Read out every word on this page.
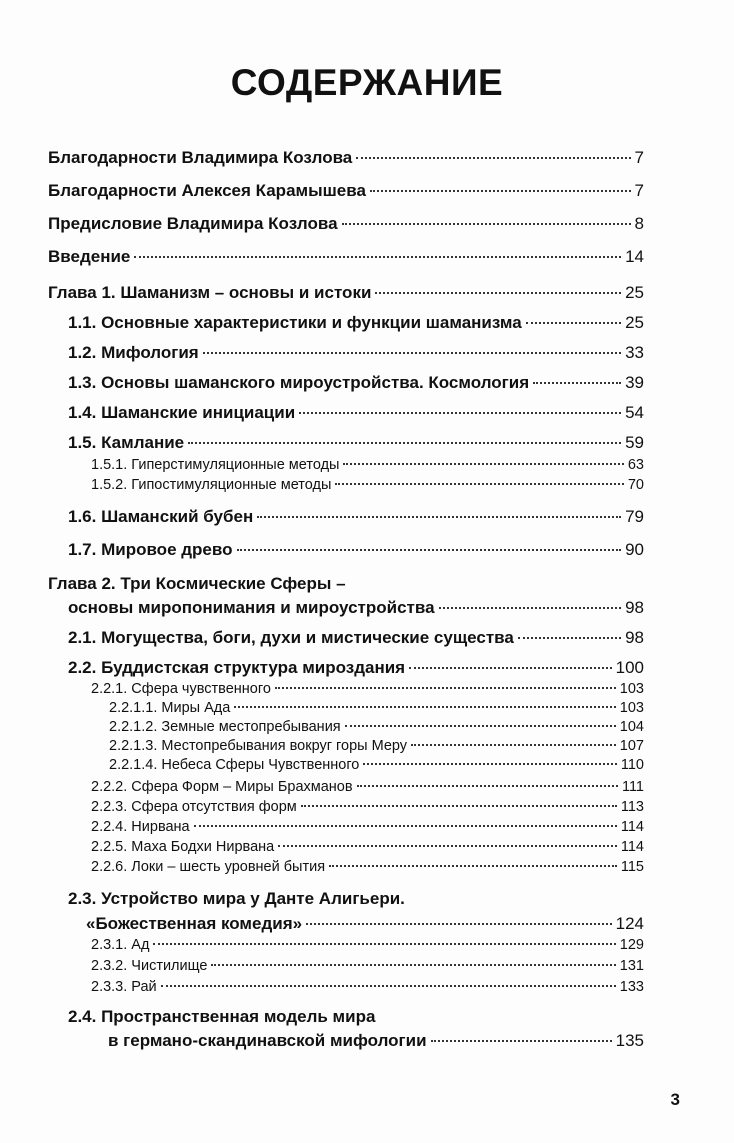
СОДЕРЖАНИЕ
Благодарности Владимира Козлова	7
Благодарности Алексея Карамышева	7
Предисловие Владимира Козлова	8
Введение	14
Глава 1. Шаманизм – основы и истоки	25
1.1. Основные характеристики и функции шаманизма	25
1.2. Мифология	33
1.3. Основы шаманского мироустройства. Космология	39
1.4. Шаманские инициации	54
1.5. Камлание	59
1.5.1. Гиперстимуляционные методы	63
1.5.2. Гипостимуляционные методы	70
1.6. Шаманский бубен	79
1.7. Мировое древо	90
Глава 2. Три Космические Сферы –
основы миропонимания и мироустройства	98
2.1. Могущества, боги, духи и мистические существа	98
2.2. Буддистская структура мироздания	100
2.2.1. Сфера чувственного	103
2.2.1.1. Миры Ада	103
2.2.1.2. Земные местопребывания	104
2.2.1.3. Местопребывания вокруг горы Меру	107
2.2.1.4. Небеса Сферы Чувственного	110
2.2.2. Сфера Форм – Миры Брахманов	111
2.2.3. Сфера отсутствия форм	113
2.2.4. Нирвана	114
2.2.5. Маха Бодхи Нирвана	114
2.2.6. Локи – шесть уровней бытия	115
2.3. Устройство мира у Данте Алигьери.
«Божественная комедия»	124
2.3.1. Ад	129
2.3.2. Чистилище	131
2.3.3. Рай	133
2.4. Пространственная модель мира
в германо-скандинавской мифологии	135
3
